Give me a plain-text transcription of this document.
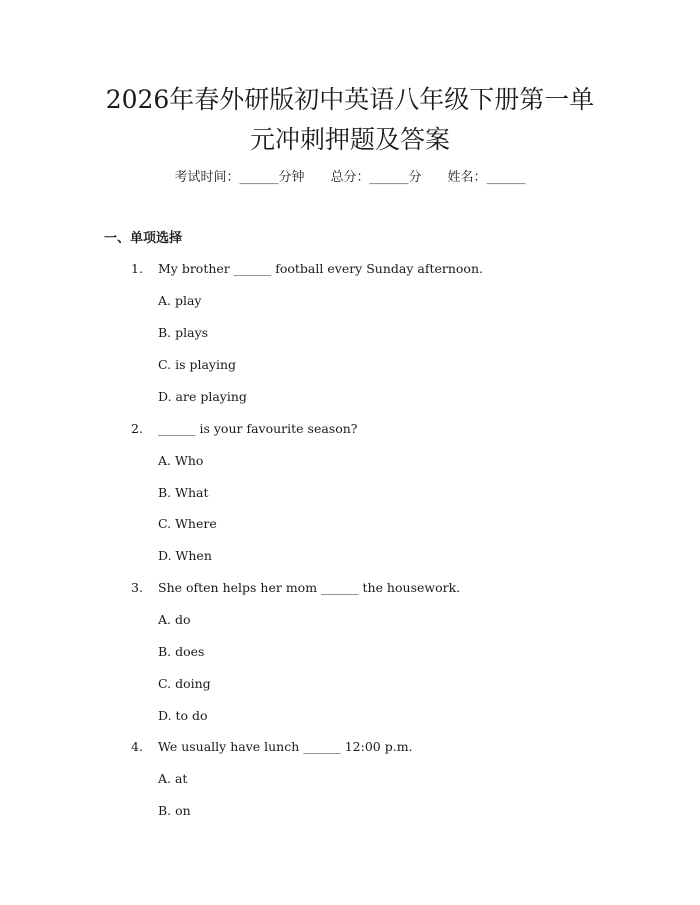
2026年春外研版初中英语八年级下册第一单
元冲刺押题及答案
考试时间：______分钟 总分：______分 姓名：______
一、单项选择
1. My brother ______ football every Sunday afternoon.
A. play
B. plays
C. is playing
D. are playing
2. ______ is your favourite season?
A. Who
B. What
C. Where
D. When
3. She often helps her mom ______ the housework.
A. do
B. does
C. doing
D. to do
4. We usually have lunch ______ 12:00 p.m.
A. at
B. on
